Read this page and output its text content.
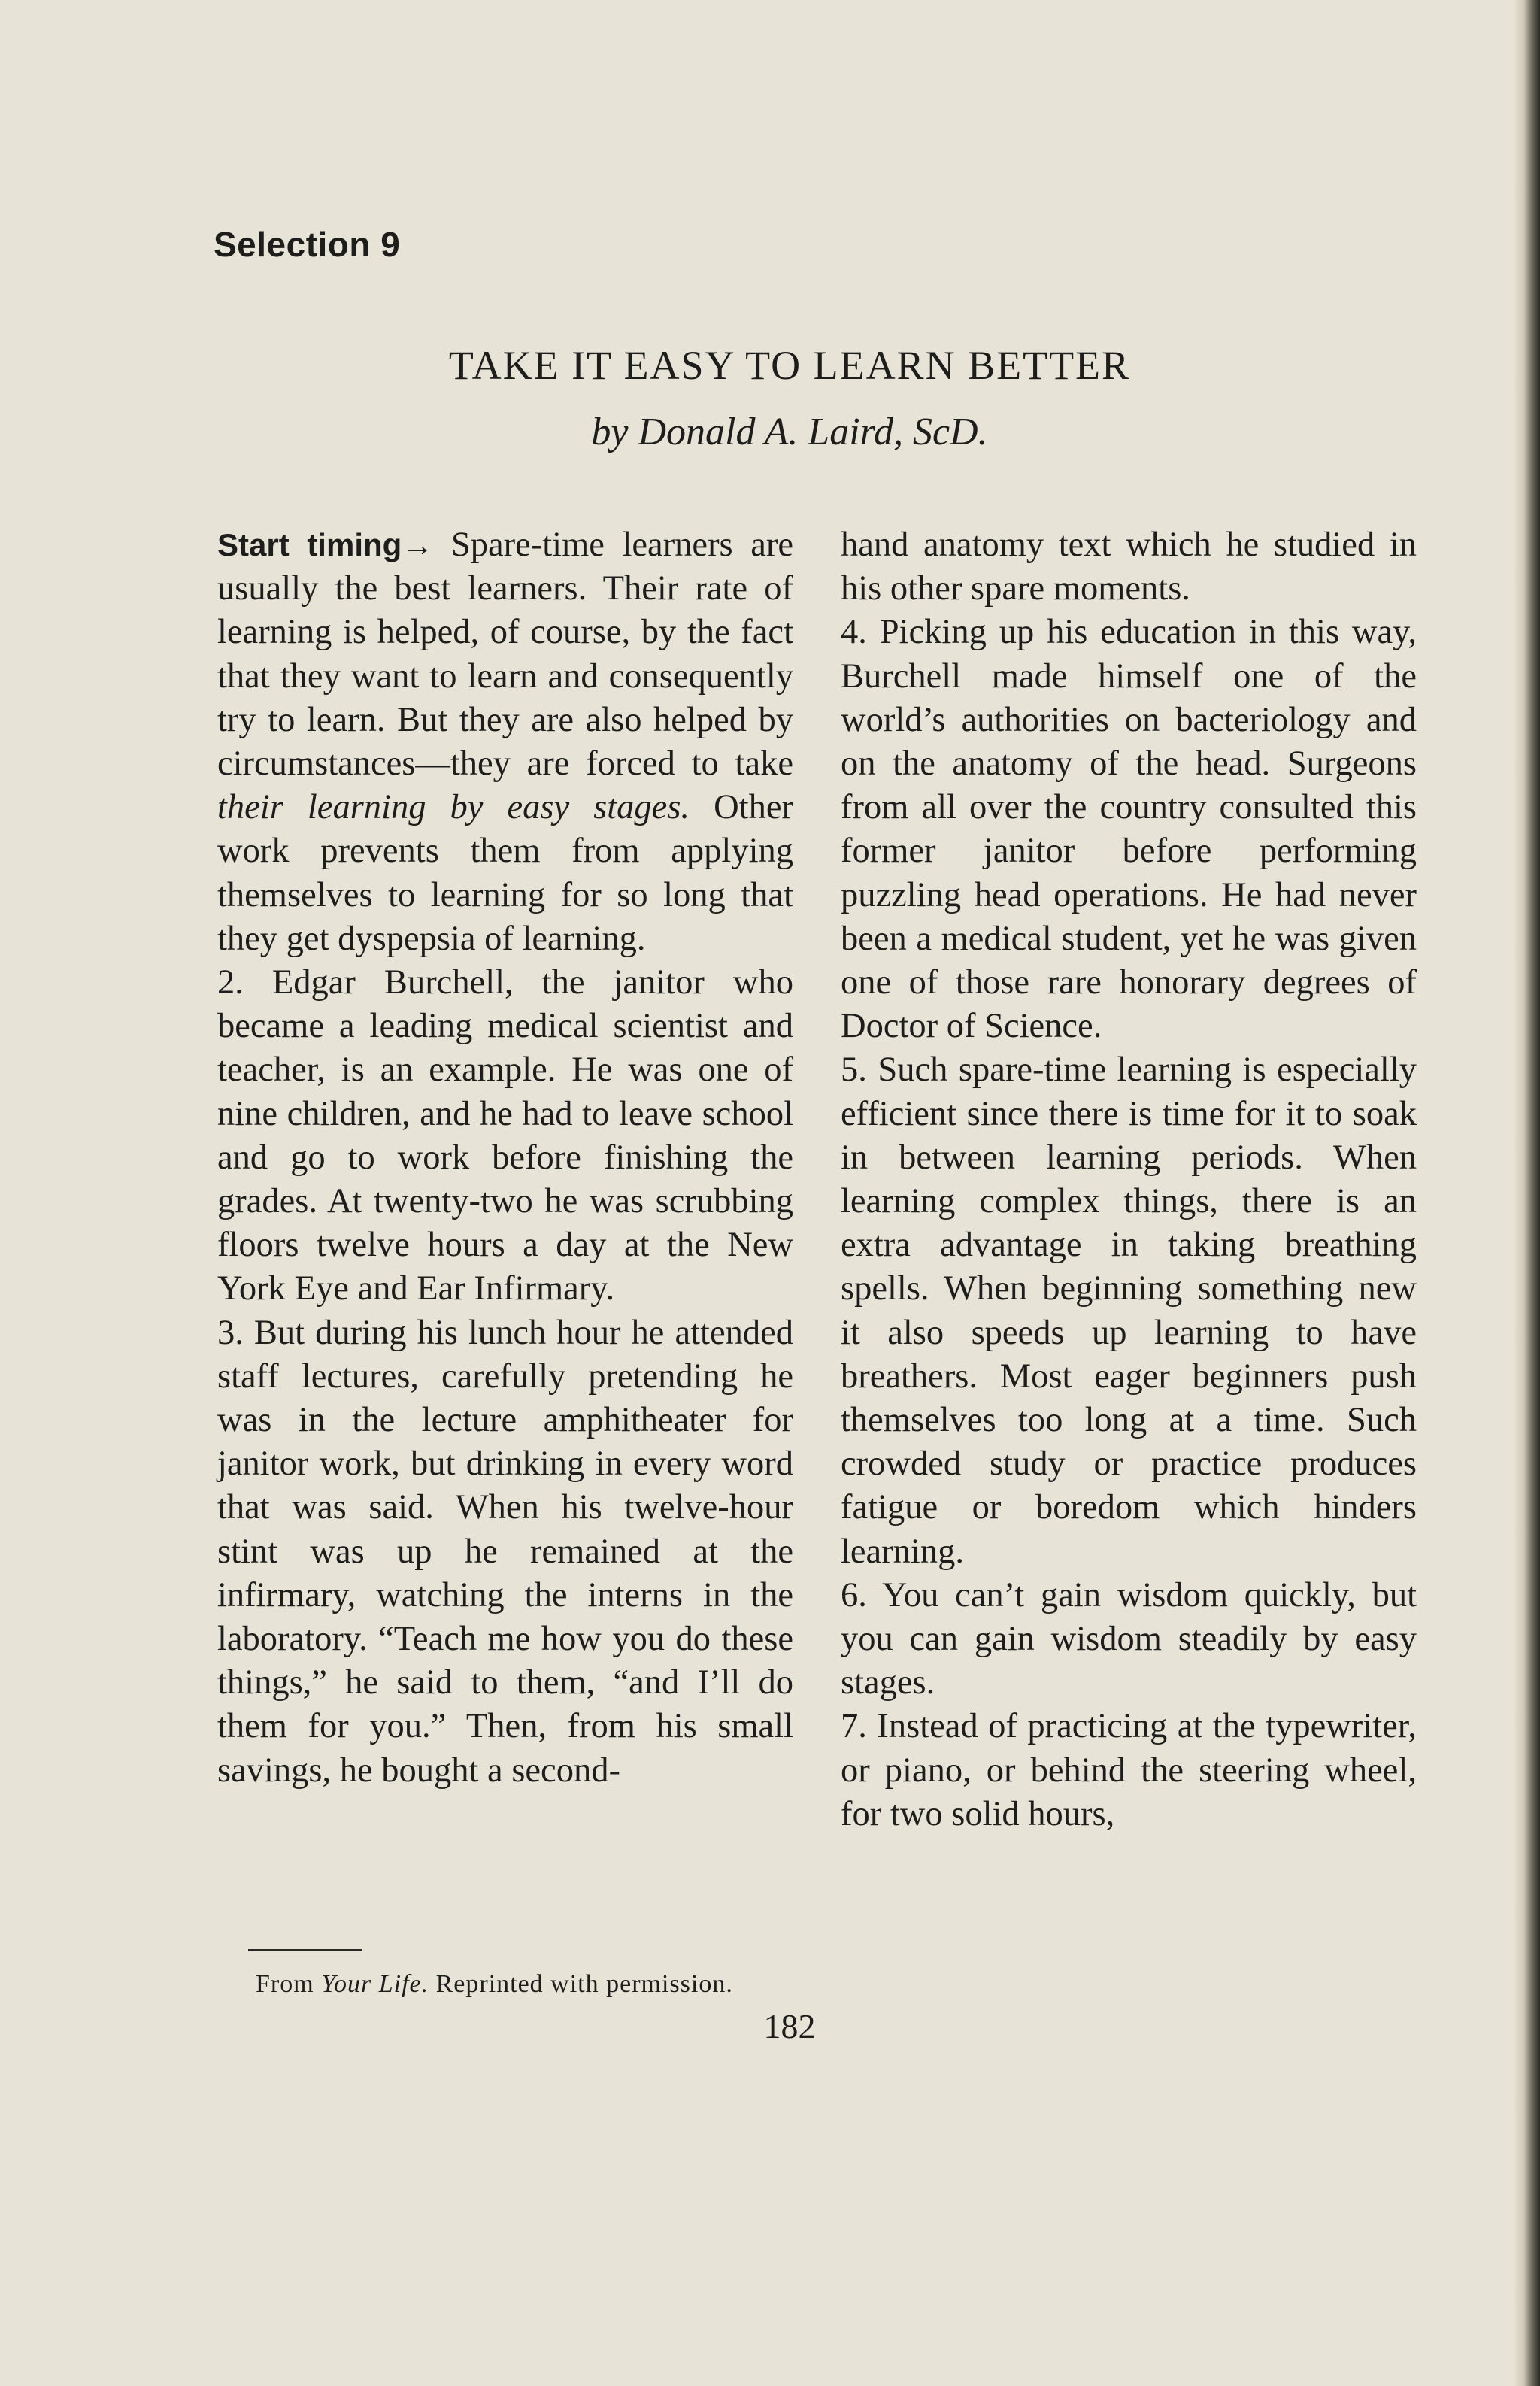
Selection 9
TAKE IT EASY TO LEARN BETTER

by Donald A. Laird, ScD.

Start timing→ Spare-time learners are usually the best learners. Their rate of learning is helped, of course, by the fact that they want to learn and consequently try to learn. But they are also helped by circumstances—they are forced to take their learning by easy stages. Other work prevents them from applying themselves to learning for so long that they get dyspepsia of learning.

2. Edgar Burchell, the janitor who became a leading medical scientist and teacher, is an example. He was one of nine children, and he had to leave school and go to work before finishing the grades. At twenty-two he was scrubbing floors twelve hours a day at the New York Eye and Ear Infirmary.

3. But during his lunch hour he attended staff lectures, carefully pretending he was in the lecture amphitheater for janitor work, but drinking in every word that was said. When his twelve-hour stint was up he remained at the infirmary, watching the interns in the laboratory. “Teach me how you do these things,” he said to them, “and I’ll do them for you.” Then, from his small savings, he bought a second-

hand anatomy text which he studied in his other spare moments.

4. Picking up his education in this way, Burchell made himself one of the world’s authorities on bacteriology and on the anatomy of the head. Surgeons from all over the country consulted this former janitor before performing puzzling head operations. He had never been a medical student, yet he was given one of those rare honorary degrees of Doctor of Science.

5. Such spare-time learning is especially efficient since there is time for it to soak in between learning periods. When learning complex things, there is an extra advantage in taking breathing spells. When beginning something new it also speeds up learning to have breathers. Most eager beginners push themselves too long at a time. Such crowded study or practice produces fatigue or boredom which hinders learning.

6. You can’t gain wisdom quickly, but you can gain wisdom steadily by easy stages.

7. Instead of practicing at the typewriter, or piano, or behind the steering wheel, for two solid hours,

From Your Life. Reprinted with permission.

182
